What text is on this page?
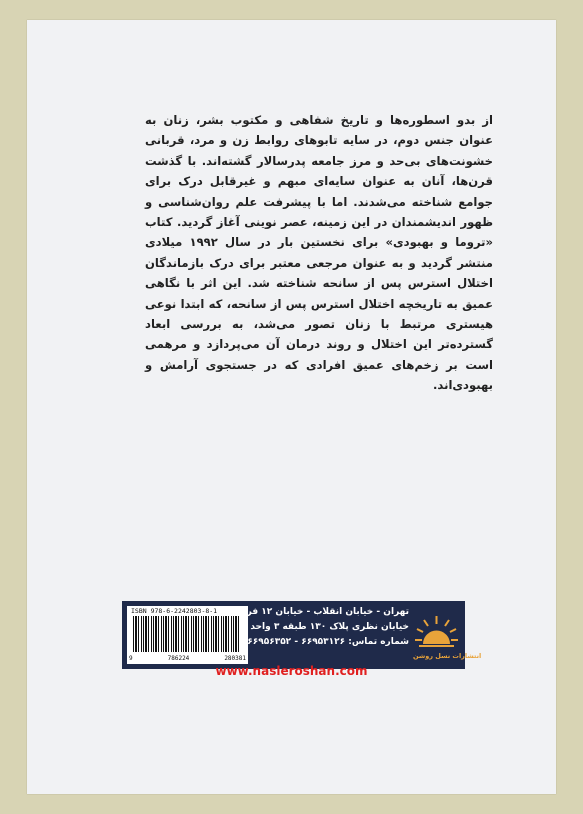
از بدو اسطوره‌ها و تاریخ شفاهی و مکتوب بشر، زنان به عنوان جنس دوم، در سایه تابوهای روابط زن و مرد، قربانی خشونت‌های بی‌حد و مرز جامعه پدرسالار گشته‌اند. با گذشت قرن‌ها، آنان به عنوان سایه‌ای مبهم و غیرقابل درک برای جوامع شناخته می‌شدند. اما با پیشرفت علم روان‌شناسی و ظهور اندیشمندان در این زمینه، عصر نوینی آغاز گردید. کتاب «تروما و بهبودی» برای نخستین بار در سال ۱۹۹۲ میلادی منتشر گردید و به عنوان مرجعی معتبر برای درک بازماندگان اختلال استرس پس از سانحه شناخته شد. این اثر با نگاهی عمیق به تاریخچه اختلال استرس پس از سانحه، که ابتدا نوعی هیستری مرتبط با زنان تصور می‌شد، به بررسی ابعاد گسترده‌تر این اختلال و روند درمان آن می‌پردازد و مرهمی است بر زخم‌های عمیق افرادی که در جستجوی آرامش و بهبودی‌اند.
ISBN 978-6-2242803-8-1
9	786224	280381
تهران - خیابان انقلاب - خیابان ۱۲ فروردین
خیابان نظری پلاک ۱۳۰ طبقه ۳ واحد ۶
شماره تماس: ۶۶۹۵۳۱۲۶ - ۶۶۹۵۶۳۵۲
انتشارات نسل روشن
www.nasleroshan.com
